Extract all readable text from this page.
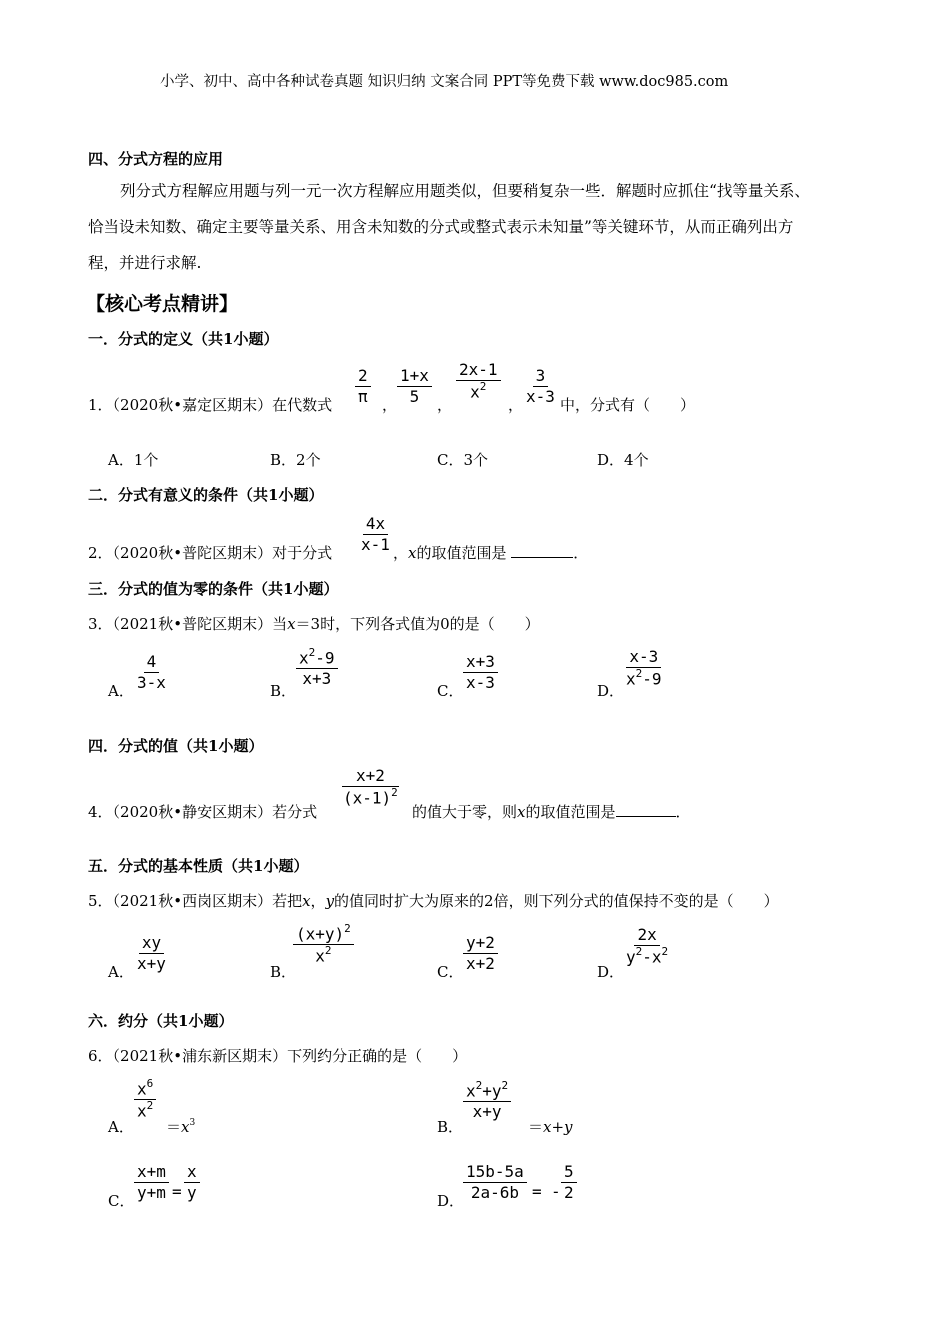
小学、初中、高中各种试卷真题 知识归纳 文案合同 PPT等免费下载 www.doc985.com
四、分式方程的应用
列分式方程解应用题与列一元一次方程解应用题类似，但要稍复杂一些．解题时应抓住“找等量关系、
恰当设未知数、确定主要等量关系、用含未知数的分式或整式表示未知量”等关键环节，从而正确列出方
程，并进行求解.
【核心考点精讲】
一．分式的定义（共1小题）
1．（2020秋•嘉定区期末）在代数式 $\frac{2}{\pi}$ ， $\frac{1+x}{5}$ ，
$\frac{2x-1}{x^2}$
， $\frac{3}{x-3}$ 中，分式有（　　）
A．1个	B．2个	C．3个	D．4个
二．分式有意义的条件（共1小题）
2．（2020秋•普陀区期末）对于分式 $\frac{4x}{x-1}$ ，x的取值范围是	．
三．分式的值为零的条件（共1小题）
3．（2021秋•普陀区期末）当x＝3时，下列各式值为0的是（　　）
A． $\frac{4}{3-x}$	B．
$\frac{x^2-9}{x+3}$
C． $\frac{x+3}{x-3}$	D．
$\frac{x-3}{x^2-9}$
四．分式的值（共1小题）
4．（2020秋•静安区期末）若分式
$\frac{x+2}{(x-1)^2}$
的值大于零，则x的取值范围是	．
五．分式的基本性质（共1小题）
5．（2021秋•西岗区期末）若把x，y的值同时扩大为原来的2倍，则下列分式的值保持不变的是（　　）
A． $\frac{xy}{x+y}$	B．
$\frac{(x+y)^2}{x^2}$
C． $\frac{y+2}{x+2}$	D．
$\frac{2x}{y^2-x^2}$
六．约分（共1小题）
6．（2021秋•浦东新区期末）下列约分正确的是（　　）
A．
$\frac{x^6}{x^2}$
$=x^3$	B．
$\frac{x^2+y^2}{x+y}$
＝x+y
C． $\frac{x+m}{y+m} = \frac{x}{y}$	D．
$\frac{15b-5a}{2a-6b}$ = - $\frac{5}{2}$
